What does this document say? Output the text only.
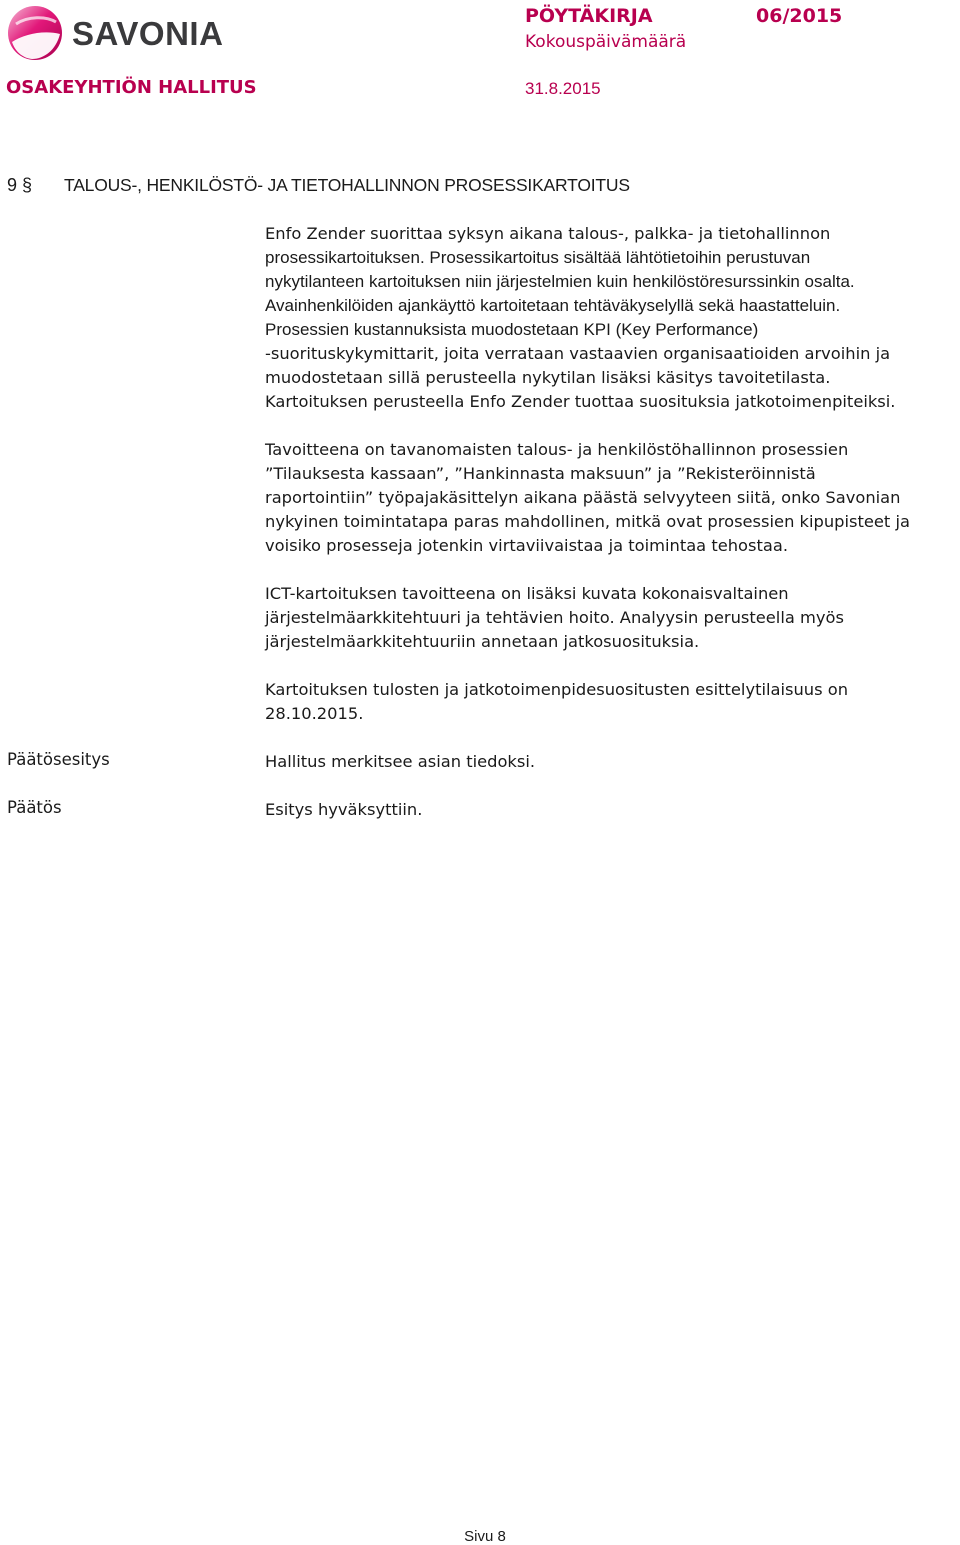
SAVONIA	PÖYTÄKIRJA	06/2015
Kokouspäivämäärä
OSAKEYHTIÖN HALLITUS	31.8.2015
9 § TALOUS-, HENKILÖSTÖ- JA TIETOHALLINNON PROSESSIKARTOITUS
Enfo Zender suorittaa syksyn aikana talous-, palkka- ja tietohallinnon
prosessikartoituksen. Prosessikartoitus sisältää lähtötietoihin perustuvan
nykytilanteen kartoituksen niin järjestelmien kuin henkilöstöresurssinkin osalta.
Avainhenkilöiden ajankäyttö kartoitetaan tehtäväkyselyllä sekä haastatteluin.
Prosessien kustannuksista muodostetaan KPI (Key Performance)
-suorituskykymittarit, joita verrataan vastaavien organisaatioiden arvoihin ja
muodostetaan sillä perusteella nykytilan lisäksi käsitys tavoitetilasta.
Kartoituksen perusteella Enfo Zender tuottaa suosituksia jatkotoimenpiteiksi.
Tavoitteena on tavanomaisten talous- ja henkilöstöhallinnon prosessien
”Tilauksesta kassaan”, ”Hankinnasta maksuun” ja ”Rekisteröinnistä
raportointiin” työpajakäsittelyn aikana päästä selvyyteen siitä, onko Savonian
nykyinen toimintatapa paras mahdollinen, mitkä ovat prosessien kipupisteet ja
voisiko prosesseja jotenkin virtaviivaistaa ja toimintaa tehostaa.
ICT-kartoituksen tavoitteena on lisäksi kuvata kokonaisvaltainen
järjestelmäarkkitehtuuri ja tehtävien hoito. Analyysin perusteella myös
järjestelmäarkkitehtuuriin annetaan jatkosuosituksia.
Kartoituksen tulosten ja jatkotoimenpidesuositusten esittelytilaisuus on
28.10.2015.
Päätösesitys	Hallitus merkitsee asian tiedoksi.
Päätös	Esitys hyväksyttiin.
Sivu 8
